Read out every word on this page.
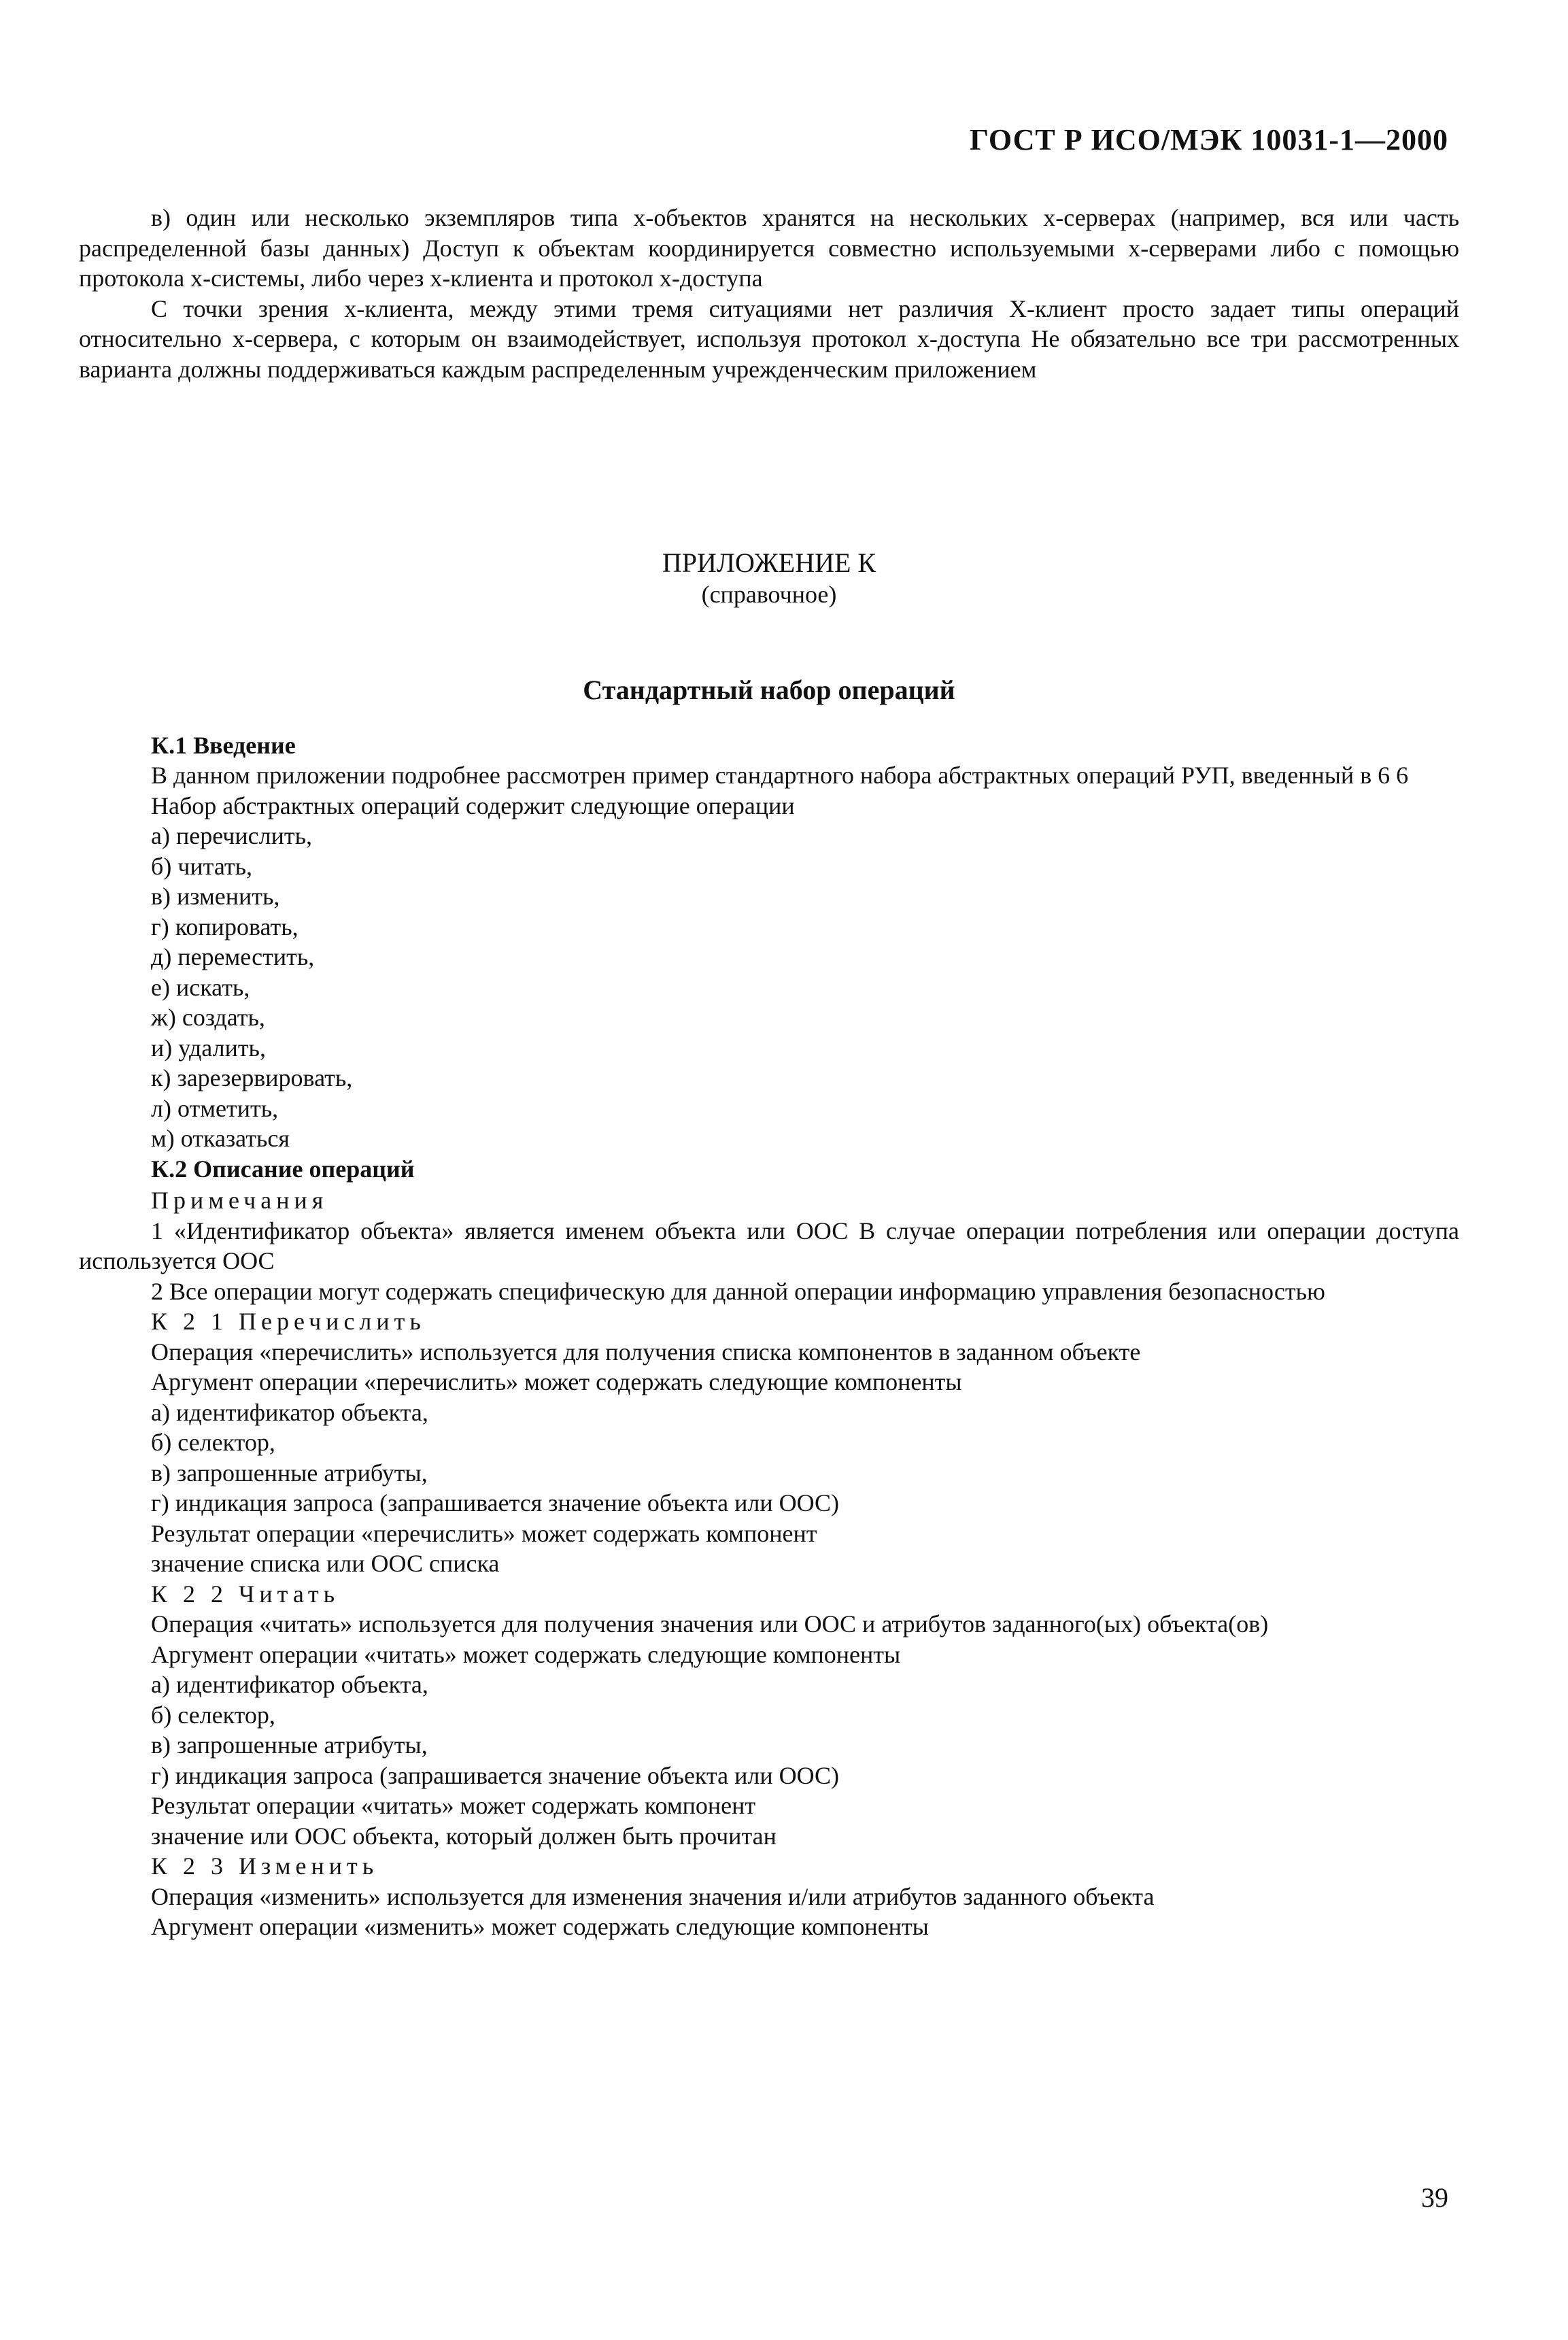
ГОСТ Р ИСО/МЭК 10031-1—2000

в) один или несколько экземпляров типа x-объектов хранятся на нескольких x-серверах (например, вся или часть распределенной базы данных) Доступ к объектам координируется совместно используемыми x-серверами либо с помощью протокола x-системы, либо через x-клиента и протокол x-доступа

С точки зрения x-клиента, между этими тремя ситуациями нет различия X-клиент просто задает типы операций относительно x-сервера, с которым он взаимодействует, используя протокол x-доступа Не обязательно все три рассмотренных варианта должны поддерживаться каждым распределенным учрежденческим приложением

ПРИЛОЖЕНИЕ К

(справочное)

Стандартный набор операций

К.1 Введение

В данном приложении подробнее рассмотрен пример стандартного набора абстрактных операций РУП, введенный в 6 6

Набор абстрактных операций содержит следующие операции

а) перечислить,

б) читать,

в) изменить,

г) копировать,

д) переместить,

е) искать,

ж) создать,

и) удалить,

к) зарезервировать,

л) отметить,

м) отказаться

К.2 Описание операций

Примечания

1 «Идентификатор объекта» является именем объекта или ООС В случае операции потребления или операции доступа используется ООС

2 Все операции могут содержать специфическую для данной операции информацию управления безопасностью

К 2 1 Перечислить

Операция «перечислить» используется для получения списка компонентов в заданном объекте

Аргумент операции «перечислить» может содержать следующие компоненты

а) идентификатор объекта,

б) селектор,

в) запрошенные атрибуты,

г) индикация запроса (запрашивается значение объекта или ООС)

Результат операции «перечислить» может содержать компонент

значение списка или ООС списка

К 2 2 Читать

Операция «читать» используется для получения значения или ООС и атрибутов заданного(ых) объекта(ов)

Аргумент операции «читать» может содержать следующие компоненты

а) идентификатор объекта,

б) селектор,

в) запрошенные атрибуты,

г) индикация запроса (запрашивается значение объекта или ООС)

Результат операции «читать» может содержать компонент

значение или ООС объекта, который должен быть прочитан

К 2 3 Изменить

Операция «изменить» используется для изменения значения и/или атрибутов заданного объекта

Аргумент операции «изменить» может содержать следующие компоненты

39
